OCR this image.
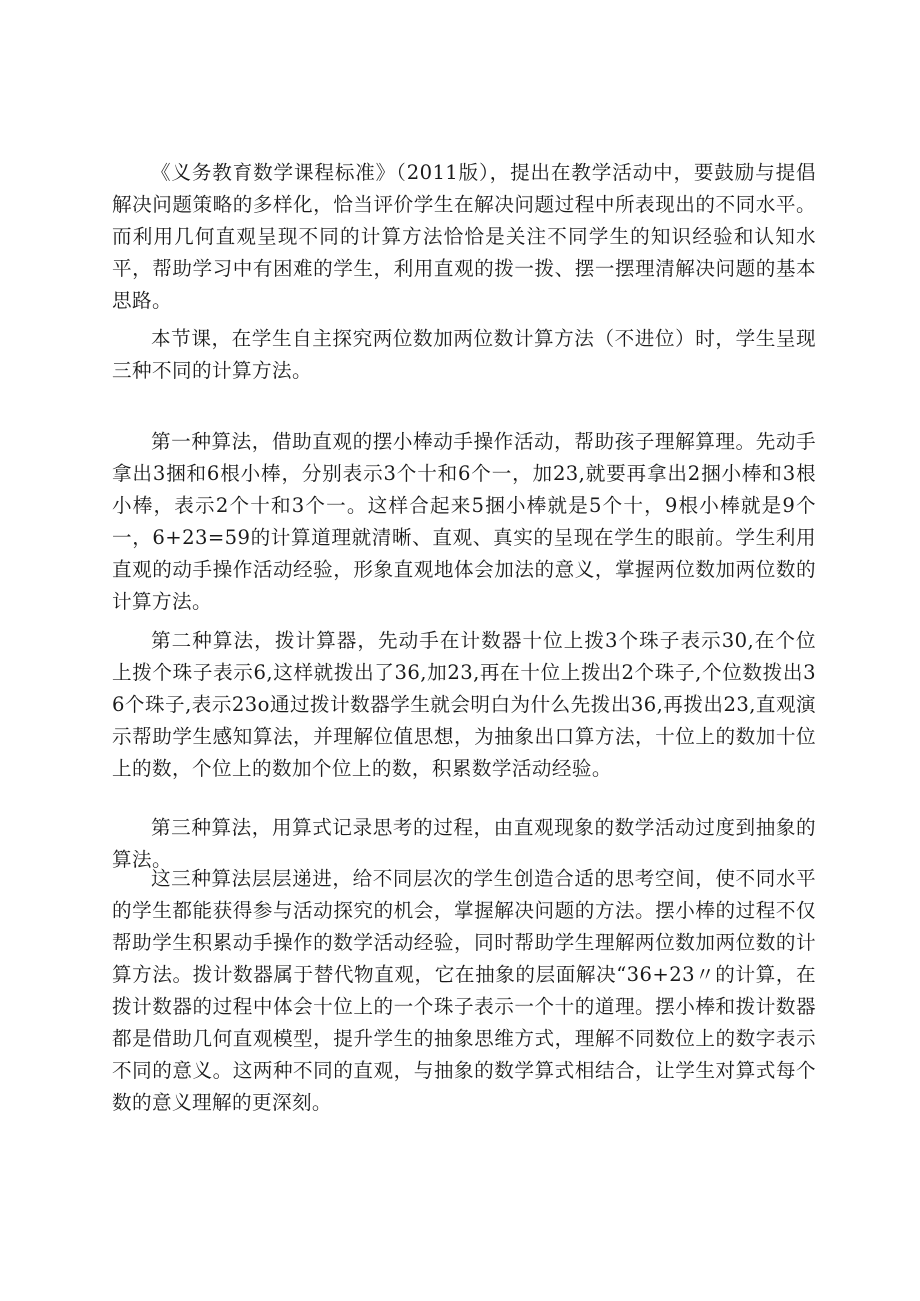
《义务教育数学课程标准》（2011版），提出在教学活动中，要鼓励与提倡解决问题策略的多样化，恰当评价学生在解决问题过程中所表现出的不同水平。而利用几何直观呈现不同的计算方法恰恰是关注不同学生的知识经验和认知水平，帮助学习中有困难的学生，利用直观的拨一拨、摆一摆理清解决问题的基本思路。

本节课，在学生自主探究两位数加两位数计算方法（不进位）时，学生呈现三种不同的计算方法。

第一种算法，借助直观的摆小棒动手操作活动，帮助孩子理解算理。先动手拿出3捆和6根小棒，分别表示3个十和6个一，加23,就要再拿出2捆小棒和3根小棒，表示2个十和3个一。这样合起来5捆小棒就是5个十，9根小棒就是9个一，6+23=59的计算道理就清晰、直观、真实的呈现在学生的眼前。学生利用直观的动手操作活动经验，形象直观地体会加法的意义，掌握两位数加两位数的计算方法。

第二种算法，拨计算器，先动手在计数器十位上拨3个珠子表示30,在个位上拨个珠子表示6,这样就拨出了36,加23,再在十位上拨出2个珠子,个位数拨出36个珠子,表示23o通过拨计数器学生就会明白为什么先拨出36,再拨出23,直观演示帮助学生感知算法，并理解位值思想，为抽象出口算方法，十位上的数加十位上的数，个位上的数加个位上的数，积累数学活动经验。

第三种算法，用算式记录思考的过程，由直观现象的数学活动过度到抽象的算法。

这三种算法层层递进，给不同层次的学生创造合适的思考空间，使不同水平的学生都能获得参与活动探究的机会，掌握解决问题的方法。摆小棒的过程不仅帮助学生积累动手操作的数学活动经验，同时帮助学生理解两位数加两位数的计算方法。拨计数器属于替代物直观，它在抽象的层面解决“36+23〃的计算，在拨计数器的过程中体会十位上的一个珠子表示一个十的道理。摆小棒和拨计数器都是借助几何直观模型，提升学生的抽象思维方式，理解不同数位上的数字表示不同的意义。这两种不同的直观，与抽象的数学算式相结合，让学生对算式每个数的意义理解的更深刻。
